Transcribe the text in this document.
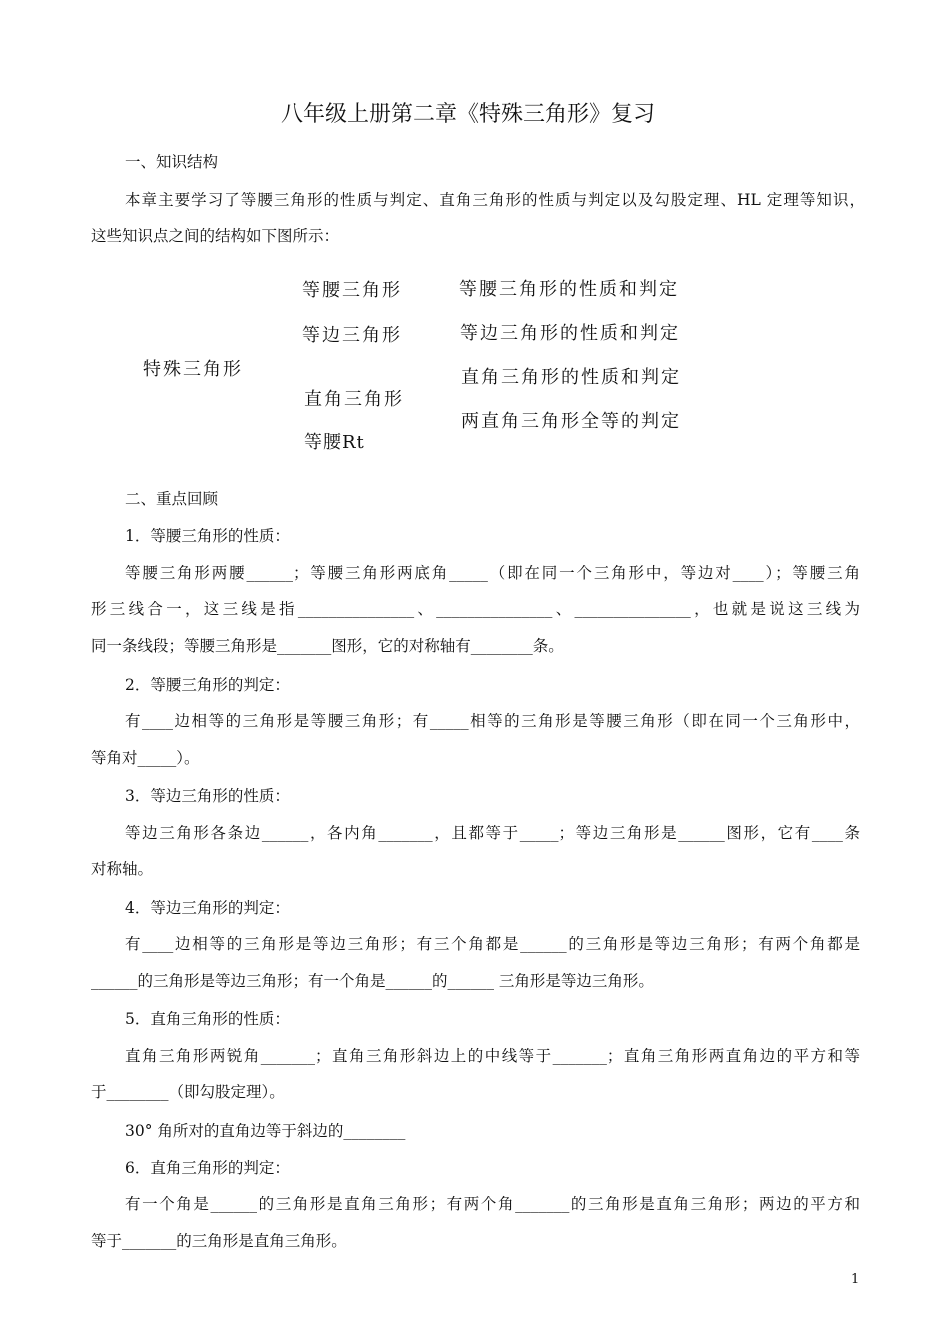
八年级上册第二章《特殊三角形》复习
一、知识结构
本章主要学习了等腰三角形的性质与判定、直角三角形的性质与判定以及勾股定理、HL 定理等知识，
这些知识点之间的结构如下图所示：
特殊三角形
等腰三角形
等边三角形
直角三角形
等腰Rt
等腰三角形的性质和判定
等边三角形的性质和判定
直角三角形的性质和判定
两直角三角形全等的判定
二、重点回顾
1．等腰三角形的性质：
等腰三角形两腰______；等腰三角形两底角_____（即在同一个三角形中，等边对____）；等腰三角
形三线合一，这三线是指_______________、_______________、_______________，也就是说这三线为
同一条线段；等腰三角形是_______图形，它的对称轴有________条。
2．等腰三角形的判定：
有____边相等的三角形是等腰三角形；有_____相等的三角形是等腰三角形（即在同一个三角形中，
等角对_____）。
3．等边三角形的性质：
等边三角形各条边______，各内角_______，且都等于_____；等边三角形是______图形，它有____条
对称轴。
4．等边三角形的判定：
有____边相等的三角形是等边三角形；有三个角都是______的三角形是等边三角形；有两个角都是
______的三角形是等边三角形；有一个角是______的______ 三角形是等边三角形。
5．直角三角形的性质：
直角三角形两锐角_______；直角三角形斜边上的中线等于_______；直角三角形两直角边的平方和等
于________（即勾股定理）。
30° 角所对的直角边等于斜边的________
6．直角三角形的判定：
有一个角是______的三角形是直角三角形；有两个角_______的三角形是直角三角形；两边的平方和
等于_______的三角形是直角三角形。
1
